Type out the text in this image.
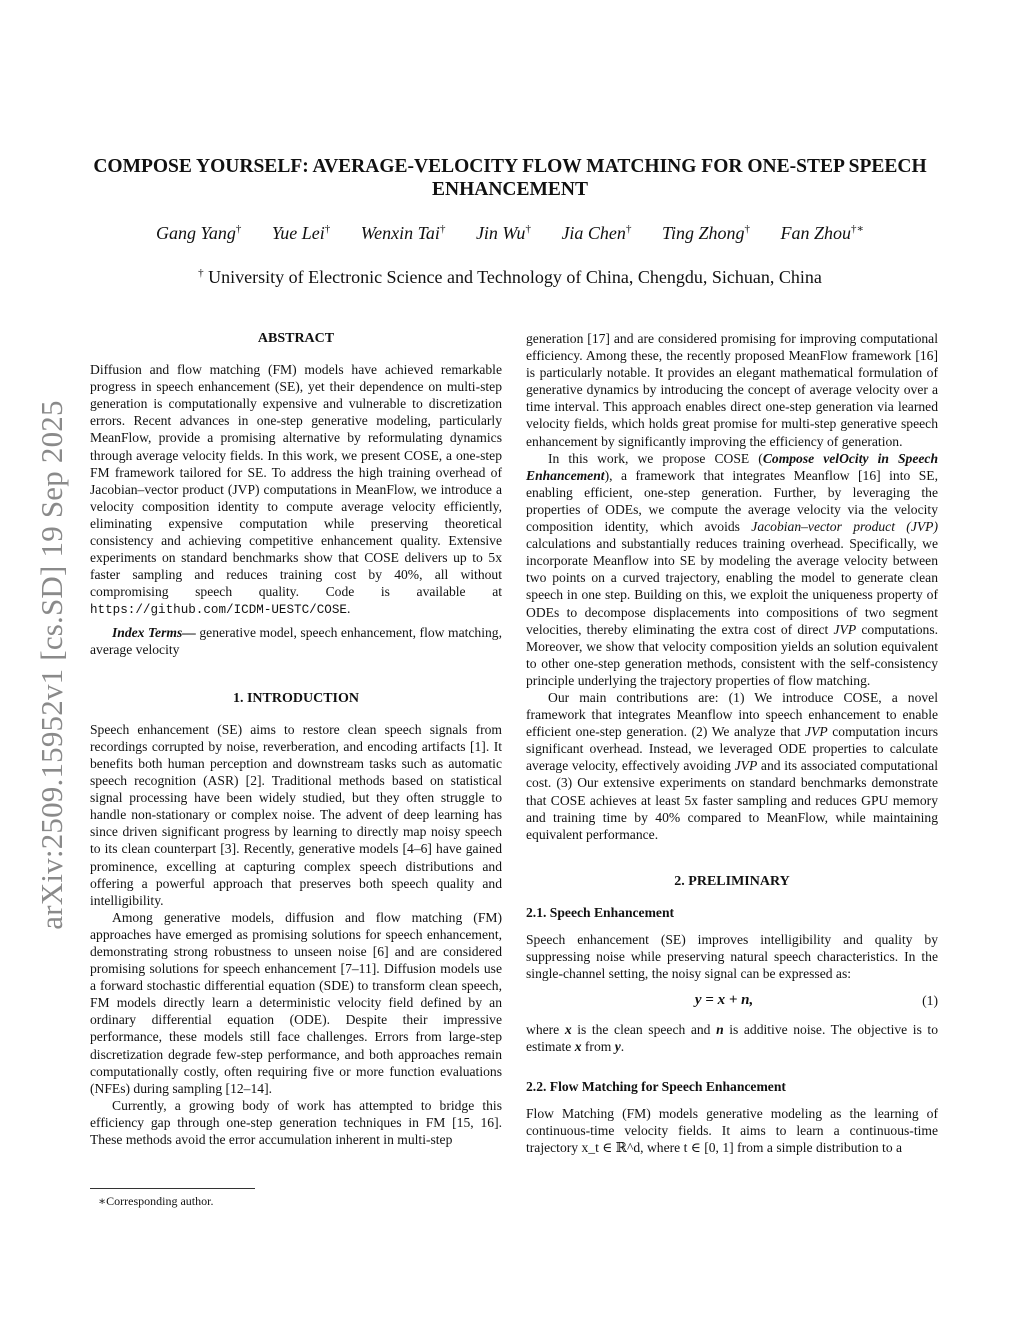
arXiv:2509.15952v1 [cs.SD] 19 Sep 2025
COMPOSE YOURSELF: AVERAGE-VELOCITY FLOW MATCHING FOR ONE-STEP SPEECH
ENHANCEMENT
Gang Yang† Yue Lei† Wenxin Tai† Jin Wu† Jia Chen† Ting Zhong† Fan Zhou†∗
† University of Electronic Science and Technology of China, Chengdu, Sichuan, China
ABSTRACT

Diffusion and flow matching (FM) models have achieved remarkable progress in speech enhancement (SE), yet their dependence on multi-step generation is computationally expensive and vulnerable to discretization errors. Recent advances in one-step generative modeling, particularly MeanFlow, provide a promising alternative by reformulating dynamics through average velocity fields. In this work, we present COSE, a one-step FM framework tailored for SE. To address the high training overhead of Jacobian–vector product (JVP) computations in MeanFlow, we introduce a velocity composition identity to compute average velocity efficiently, eliminating expensive computation while preserving theoretical consistency and achieving competitive enhancement quality. Extensive experiments on standard benchmarks show that COSE delivers up to 5x faster sampling and reduces training cost by 40%, all without compromising speech quality. Code is available at https://github.com/ICDM-UESTC/COSE.

Index Terms— generative model, speech enhancement, flow matching, average velocity

1. INTRODUCTION

Speech enhancement (SE) aims to restore clean speech signals from recordings corrupted by noise, reverberation, and encoding artifacts [1]. It benefits both human perception and downstream tasks such as automatic speech recognition (ASR) [2]. Traditional methods based on statistical signal processing have been widely studied, but they often struggle to handle non-stationary or complex noise. The advent of deep learning has since driven significant progress by learning to directly map noisy speech to its clean counterpart [3]. Recently, generative models [4–6] have gained prominence, excelling at capturing complex speech distributions and offering a powerful approach that preserves both speech quality and intelligibility.

Among generative models, diffusion and flow matching (FM) approaches have emerged as promising solutions for speech enhancement, demonstrating strong robustness to unseen noise [6] and are considered promising solutions for speech enhancement [7–11]. Diffusion models use a forward stochastic differential equation (SDE) to transform clean speech, FM models directly learn a deterministic velocity field defined by an ordinary differential equation (ODE). Despite their impressive performance, these models still face challenges. Errors from large-step discretization degrade few-step performance, and both approaches remain computationally costly, often requiring five or more function evaluations (NFEs) during sampling [12–14].

Currently, a growing body of work has attempted to bridge this efficiency gap through one-step generation techniques in FM [15, 16]. These methods avoid the error accumulation inherent in multi-step

generation [17] and are considered promising for improving computational efficiency. Among these, the recently proposed MeanFlow framework [16] is particularly notable. It provides an elegant mathematical formulation of generative dynamics by introducing the concept of average velocity over a time interval. This approach enables direct one-step generation via learned velocity fields, which holds great promise for multi-step generative speech enhancement by significantly improving the efficiency of generation.

In this work, we propose COSE (Compose velOcity in Speech Enhancement), a framework that integrates Meanflow [16] into SE, enabling efficient, one-step generation. Further, by leveraging the properties of ODEs, we compute the average velocity via the velocity composition identity, which avoids Jacobian–vector product (JVP) calculations and substantially reduces training overhead. Specifically, we incorporate Meanflow into SE by modeling the average velocity between two points on a curved trajectory, enabling the model to generate clean speech in one step. Building on this, we exploit the uniqueness property of ODEs to decompose displacements into compositions of two segment velocities, thereby eliminating the extra cost of direct JVP computations. Moreover, we show that velocity composition yields an solution equivalent to other one-step generation methods, consistent with the self-consistency principle underlying the trajectory properties of flow matching.

Our main contributions are: (1) We introduce COSE, a novel framework that integrates Meanflow into speech enhancement to enable efficient one-step generation. (2) We analyze that JVP computation incurs significant overhead. Instead, we leveraged ODE properties to calculate average velocity, effectively avoiding JVP and its associated computational cost. (3) Our extensive experiments on standard benchmarks demonstrate that COSE achieves at least 5x faster sampling and reduces GPU memory and training time by 40% compared to MeanFlow, while maintaining equivalent performance.

2. PRELIMINARY
2.1. Speech Enhancement

Speech enhancement (SE) improves intelligibility and quality by suppressing noise while preserving natural speech characteristics. In the single-channel setting, the noisy signal can be expressed as:

y = x + n,	(1)

where x is the clean speech and n is additive noise. The objective is to estimate x from y.

2.2. Flow Matching for Speech Enhancement

Flow Matching (FM) models generative modeling as the learning of continuous-time velocity fields. It aims to learn a continuous-time trajectory x_t ∈ ℝ^d, where t ∈ [0, 1] from a simple distribution to a

∗Corresponding author.
